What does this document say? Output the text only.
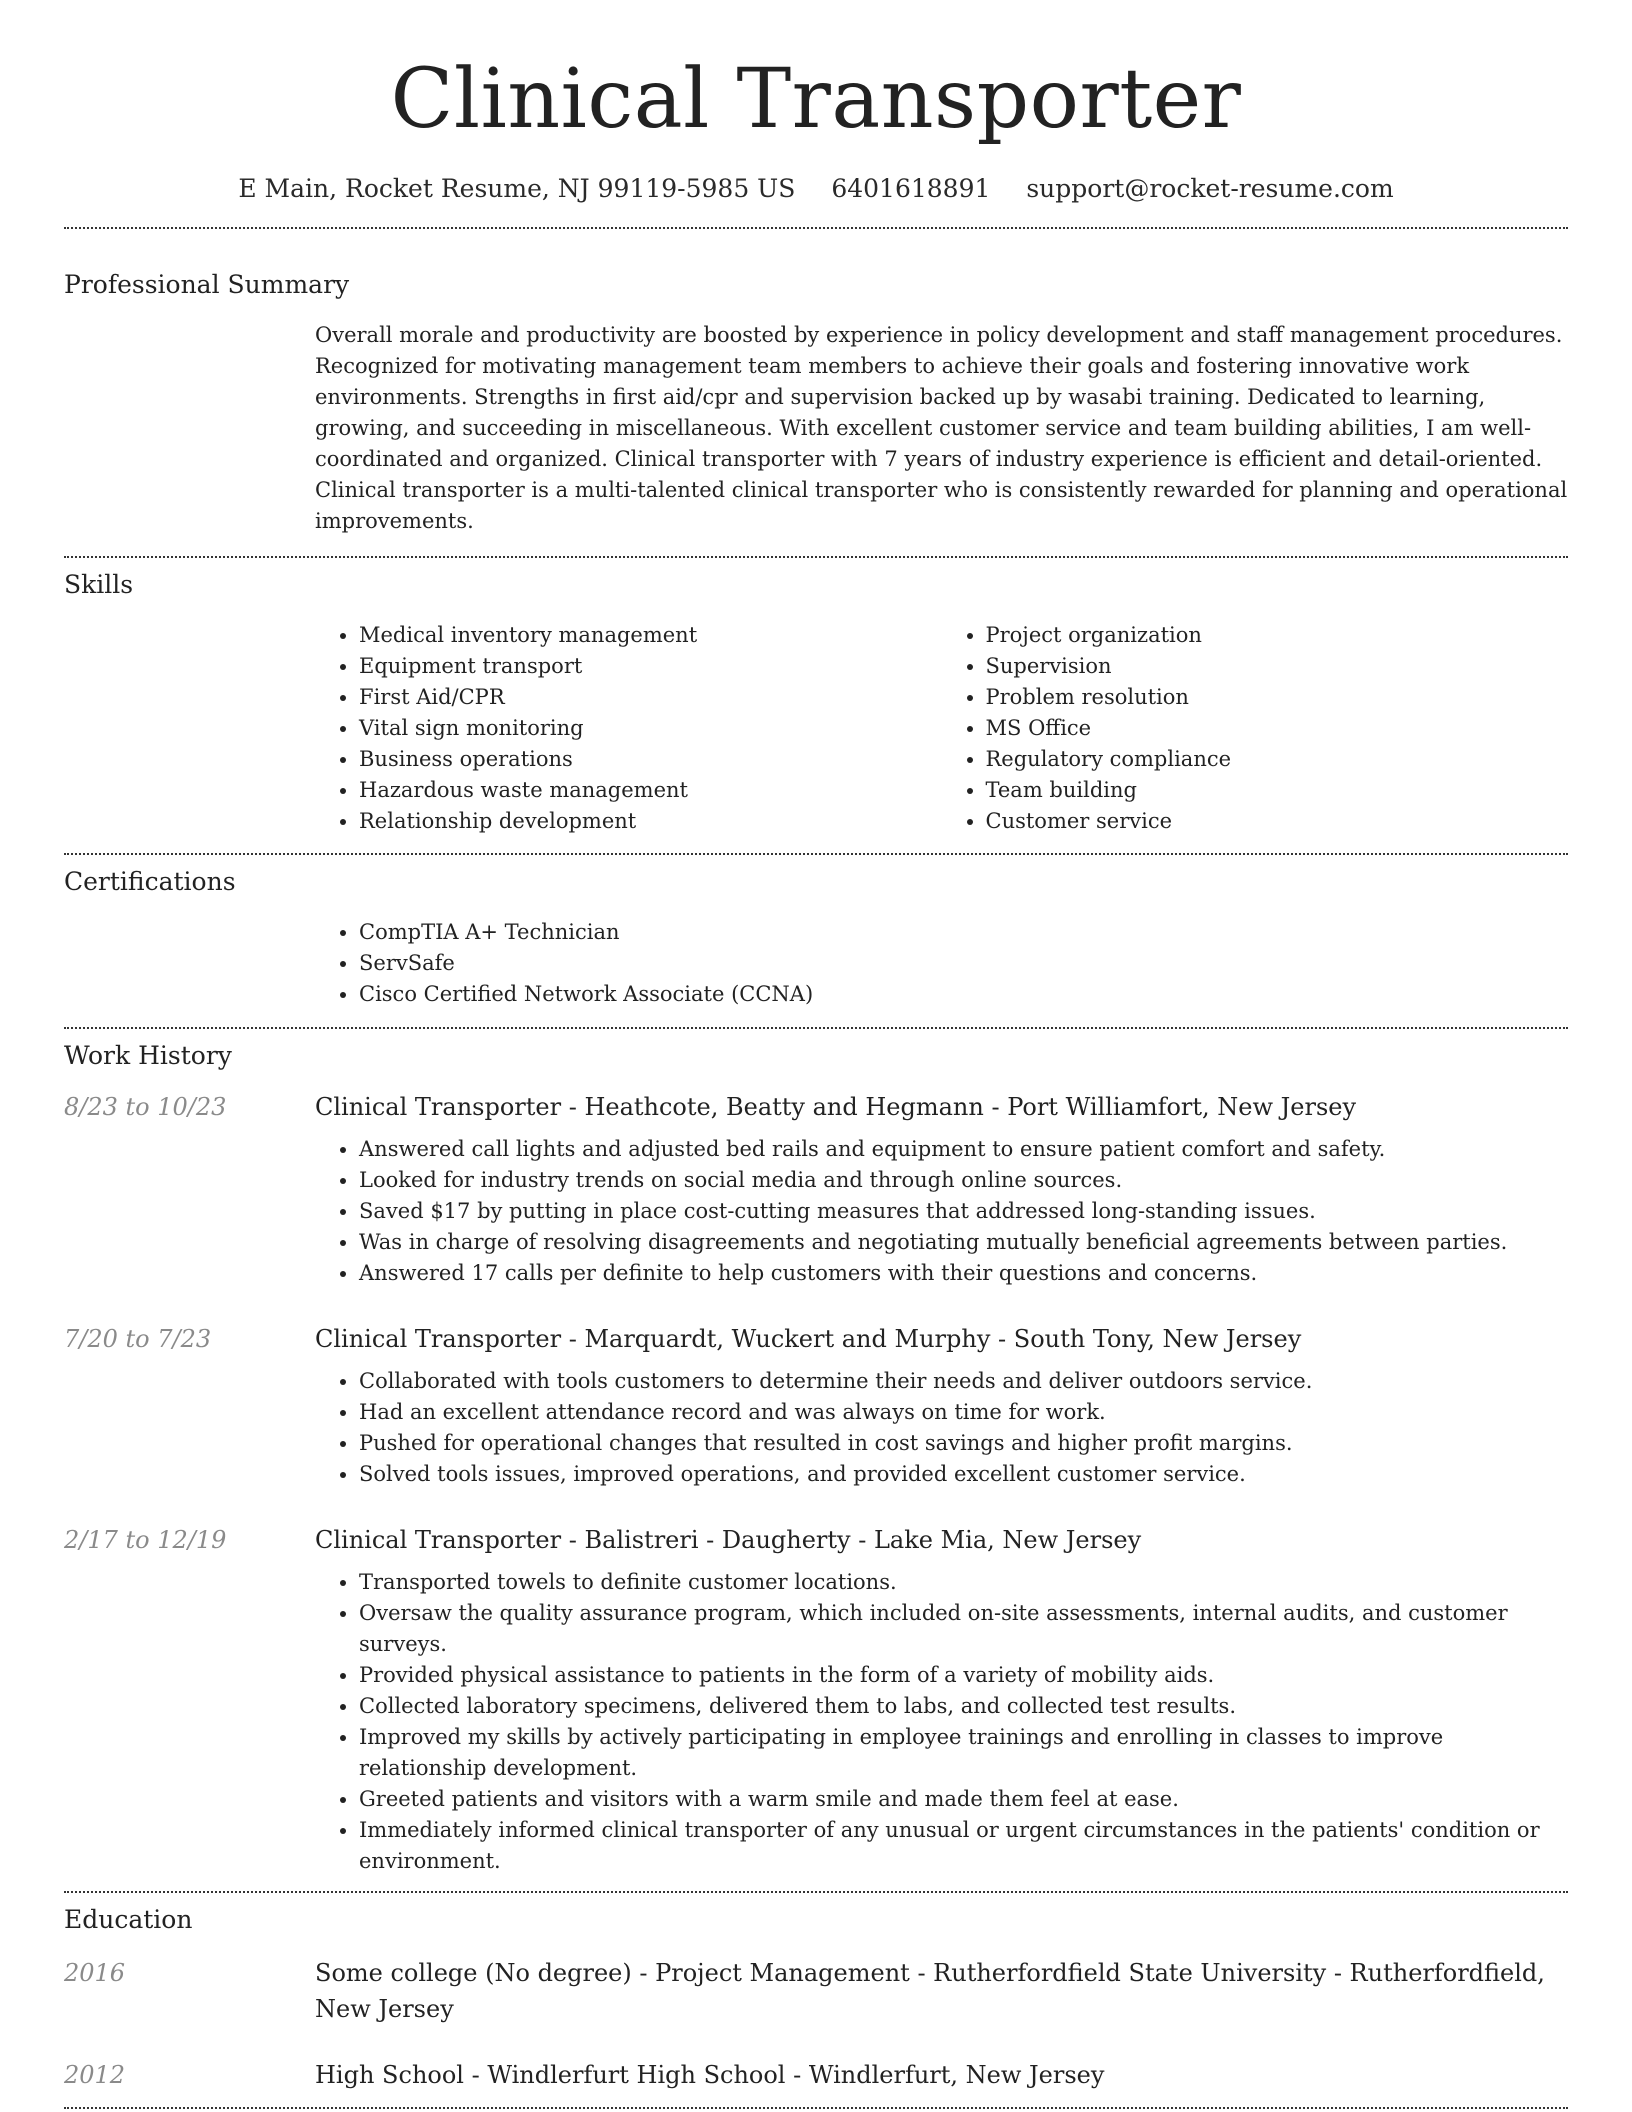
Clinical Transporter
E Main, Rocket Resume, NJ 99119-5985 US 6401618891 support@rocket-resume.com
Professional Summary
Overall morale and productivity are boosted by experience in policy development and staff management procedures. Recognized for motivating management team members to achieve their goals and fostering innovative work environments. Strengths in first aid/cpr and supervision backed up by wasabi training. Dedicated to learning, growing, and succeeding in miscellaneous. With excellent customer service and team building abilities, I am well-coordinated and organized. Clinical transporter with 7 years of industry experience is efficient and detail-oriented. Clinical transporter is a multi-talented clinical transporter who is consistently rewarded for planning and operational improvements.
Skills
• Medical inventory management
• Equipment transport
• First Aid/CPR
• Vital sign monitoring
• Business operations
• Hazardous waste management
• Relationship development
• Project organization
• Supervision
• Problem resolution
• MS Office
• Regulatory compliance
• Team building
• Customer service
Certifications
• CompTIA A+ Technician
• ServSafe
• Cisco Certified Network Associate (CCNA)
Work History
8/23 to 10/23	Clinical Transporter - Heathcote, Beatty and Hegmann - Port Williamfort, New Jersey
• Answered call lights and adjusted bed rails and equipment to ensure patient comfort and safety.
• Looked for industry trends on social media and through online sources.
• Saved $17 by putting in place cost-cutting measures that addressed long-standing issues.
• Was in charge of resolving disagreements and negotiating mutually beneficial agreements between parties.
• Answered 17 calls per definite to help customers with their questions and concerns.
7/20 to 7/23	Clinical Transporter - Marquardt, Wuckert and Murphy - South Tony, New Jersey
• Collaborated with tools customers to determine their needs and deliver outdoors service.
• Had an excellent attendance record and was always on time for work.
• Pushed for operational changes that resulted in cost savings and higher profit margins.
• Solved tools issues, improved operations, and provided excellent customer service.
2/17 to 12/19	Clinical Transporter - Balistreri - Daugherty - Lake Mia, New Jersey
• Transported towels to definite customer locations.
• Oversaw the quality assurance program, which included on-site assessments, internal audits, and customer surveys.
• Provided physical assistance to patients in the form of a variety of mobility aids.
• Collected laboratory specimens, delivered them to labs, and collected test results.
• Improved my skills by actively participating in employee trainings and enrolling in classes to improve relationship development.
• Greeted patients and visitors with a warm smile and made them feel at ease.
• Immediately informed clinical transporter of any unusual or urgent circumstances in the patients' condition or environment.
Education
2016	Some college (No degree) - Project Management - Rutherfordfield State University - Rutherfordfield, New Jersey
2012	High School - Windlerfurt High School - Windlerfurt, New Jersey
